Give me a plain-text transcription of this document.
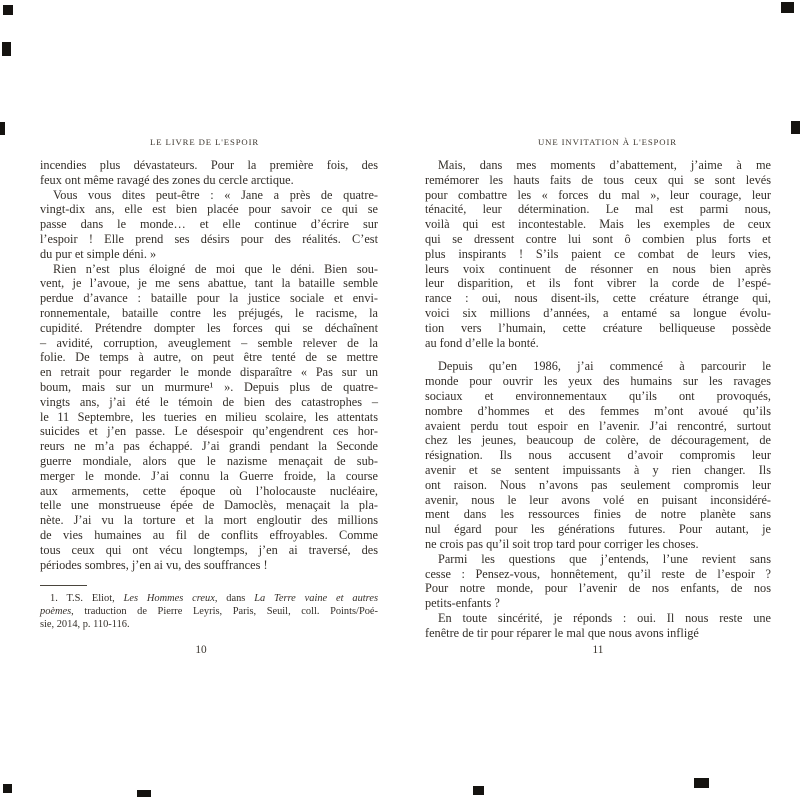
LE LIVRE DE L'ESPOIR	UNE INVITATION À L'ESPOIR
incendies plus dévastateurs. Pour la première fois, des
feux ont même ravagé des zones du cercle arctique.
Vous vous dites peut-être : « Jane a près de quatre-
vingt-dix ans, elle est bien placée pour savoir ce qui se
passe dans le monde… et elle continue d’écrire sur
l’espoir ! Elle prend ses désirs pour des réalités. C’est
du pur et simple déni. »
Rien n’est plus éloigné de moi que le déni. Bien sou-
vent, je l’avoue, je me sens abattue, tant la bataille semble
perdue d’avance : bataille pour la justice sociale et envi-
ronnementale, bataille contre les préjugés, le racisme, la
cupidité. Prétendre dompter les forces qui se déchaînent
– avidité, corruption, aveuglement – semble relever de la
folie. De temps à autre, on peut être tenté de se mettre
en retrait pour regarder le monde disparaître « Pas sur un
boum, mais sur un murmure¹ ». Depuis plus de quatre-
vingts ans, j’ai été le témoin de bien des catastrophes –
le 11 Septembre, les tueries en milieu scolaire, les attentats
suicides et j’en passe. Le désespoir qu’engendrent ces hor-
reurs ne m’a pas échappé. J’ai grandi pendant la Seconde
guerre mondiale, alors que le nazisme menaçait de sub-
merger le monde. J’ai connu la Guerre froide, la course
aux armements, cette époque où l’holocauste nucléaire,
telle une monstrueuse épée de Damoclès, menaçait la pla-
nète. J’ai vu la torture et la mort engloutir des millions
de vies humaines au fil de conflits effroyables. Comme
tous ceux qui ont vécu longtemps, j’en ai traversé, des
périodes sombres, j’en ai vu, des souffrances !
1. T.S. Eliot, Les Hommes creux, dans La Terre vaine et autres
poèmes, traduction de Pierre Leyris, Paris, Seuil, coll. Points/Poé-
sie, 2014, p. 110-116.
Mais, dans mes moments d’abattement, j’aime à me
remémorer les hauts faits de tous ceux qui se sont levés
pour combattre les « forces du mal », leur courage, leur
ténacité, leur détermination. Le mal est parmi nous,
voilà qui est incontestable. Mais les exemples de ceux
qui se dressent contre lui sont ô combien plus forts et
plus inspirants ! S’ils paient ce combat de leurs vies,
leurs voix continuent de résonner en nous bien après
leur disparition, et ils font vibrer la corde de l’espé-
rance : oui, nous disent-ils, cette créature étrange qui,
voici six millions d’années, a entamé sa longue évolu-
tion vers l’humain, cette créature belliqueuse possède
au fond d’elle la bonté.
Depuis qu’en 1986, j’ai commencé à parcourir le
monde pour ouvrir les yeux des humains sur les ravages
sociaux et environnementaux qu’ils ont provoqués,
nombre d’hommes et des femmes m’ont avoué qu’ils
avaient perdu tout espoir en l’avenir. J’ai rencontré, surtout
chez les jeunes, beaucoup de colère, de découragement, de
résignation. Ils nous accusent d’avoir compromis leur
avenir et se sentent impuissants à y rien changer. Ils
ont raison. Nous n’avons pas seulement compromis leur
avenir, nous le leur avons volé en puisant inconsidéré-
ment dans les ressources finies de notre planète sans
nul égard pour les générations futures. Pour autant, je
ne crois pas qu’il soit trop tard pour corriger les choses.
Parmi les questions que j’entends, l’une revient sans
cesse : Pensez-vous, honnêtement, qu’il reste de l’espoir ?
Pour notre monde, pour l’avenir de nos enfants, de nos
petits-enfants ?
En toute sincérité, je réponds : oui. Il nous reste une
fenêtre de tir pour réparer le mal que nous avons infligé
10	11
